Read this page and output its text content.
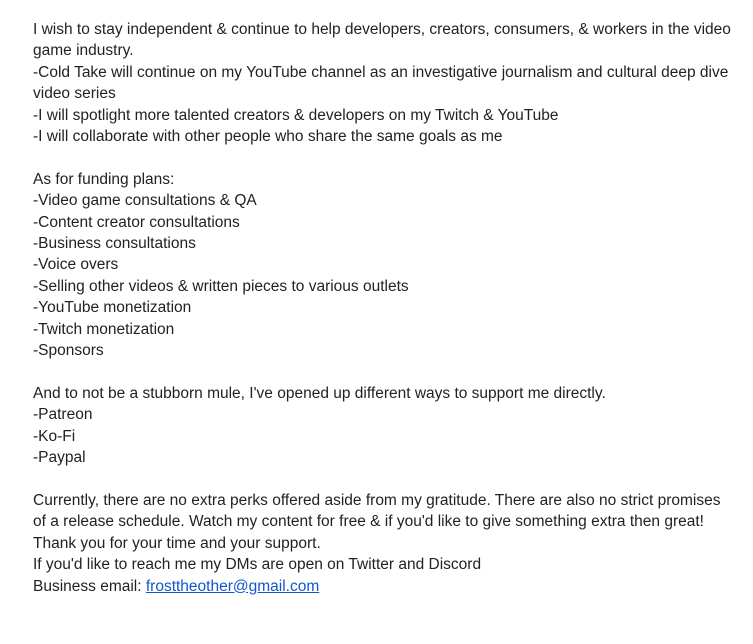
I wish to stay independent & continue to help developers, creators, consumers, & workers in the video game industry.

-Cold Take will continue on my YouTube channel as an investigative journalism and cultural deep dive video series

-I will spotlight more talented creators & developers on my Twitch & YouTube

-I will collaborate with other people who share the same goals as me

As for funding plans:

-Video game consultations & QA

-Content creator consultations

-Business consultations

-Voice overs

-Selling other videos & written pieces to various outlets

-YouTube monetization

-Twitch monetization

-Sponsors

And to not be a stubborn mule, I've opened up different ways to support me directly.

-Patreon

-Ko-Fi

-Paypal

Currently, there are no extra perks offered aside from my gratitude. There are also no strict promises of a release schedule. Watch my content for free & if you'd like to give something extra then great!

Thank you for your time and your support.

If you'd like to reach me my DMs are open on Twitter and Discord

Business email: frosttheother@gmail.com
